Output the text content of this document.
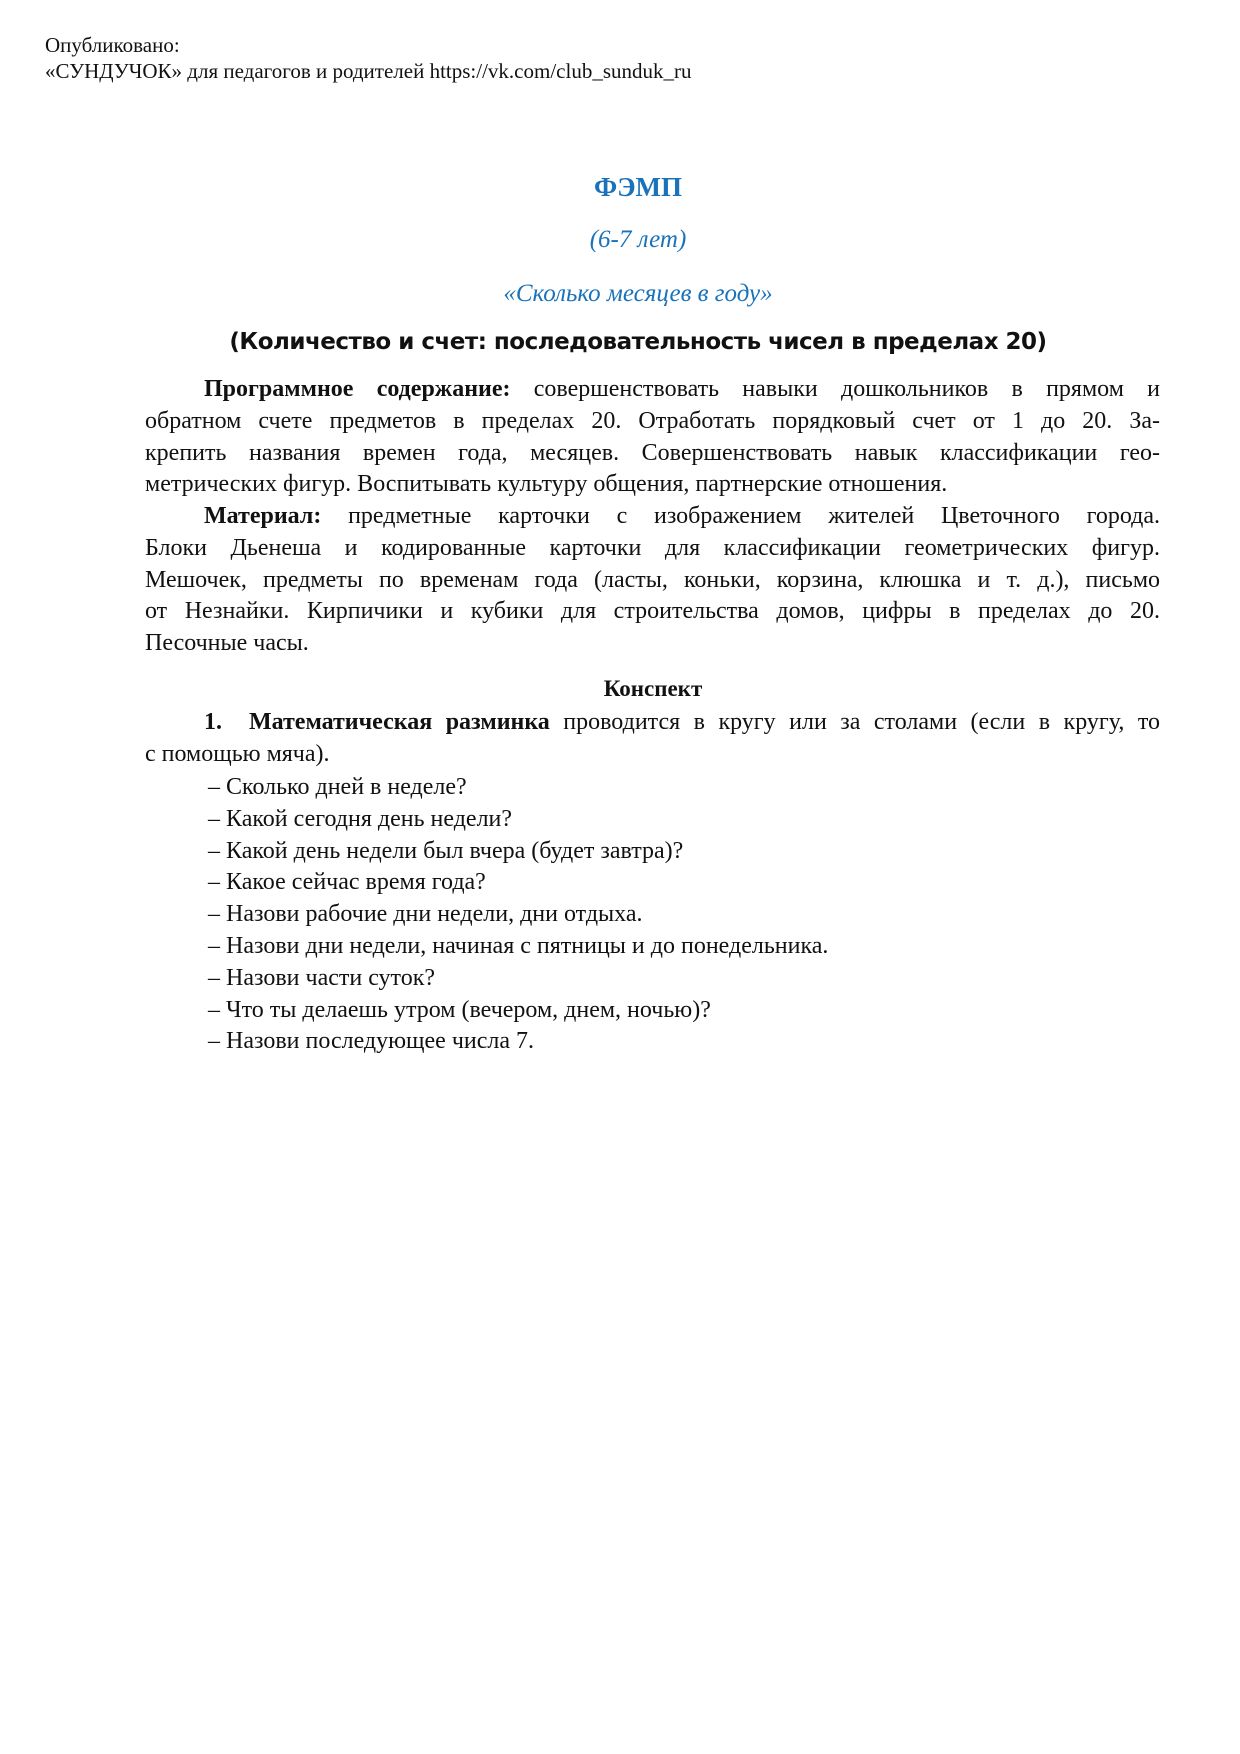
Опубликовано:
«СУНДУЧОК» для педагогов и родителей https://vk.com/club_sunduk_ru
ФЭМП
(6-7 лет)
«Сколько месяцев в году»
(Количество и счет: последовательность чисел в пределах 20)
Программное содержание: совершенствовать навыки дошкольников в прямом и
обратном счете предметов в пределах 20. Отработать порядковый счет от 1 до 20. За-
крепить названия времен года, месяцев. Совершенствовать навык классификации гео-
метрических фигур. Воспитывать культуру общения, партнерские отношения.
Материал: предметные карточки с изображением жителей Цветочного города.
Блоки Дьенеша и кодированные карточки для классификации геометрических фигур.
Мешочек, предметы по временам года (ласты, коньки, корзина, клюшка и т. д.), письмо
от Незнайки. Кирпичики и кубики для строительства домов, цифры в пределах до 20.
Песочные часы.
Конспект
1. Математическая разминка проводится в кругу или за столами (если в кругу, то
с помощью мяча).
– Сколько дней в неделе?
– Какой сегодня день недели?
– Какой день недели был вчера (будет завтра)?
– Какое сейчас время года?
– Назови рабочие дни недели, дни отдыха.
– Назови дни недели, начиная с пятницы и до понедельника.
– Назови части суток?
– Что ты делаешь утром (вечером, днем, ночью)?
– Назови последующее числа 7.
